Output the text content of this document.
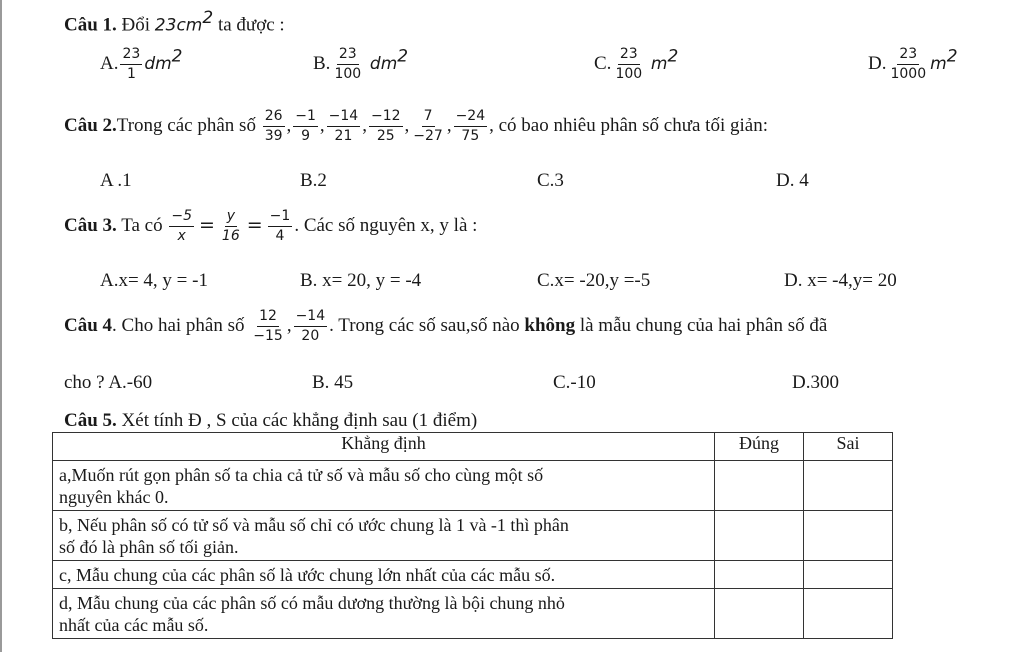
Câu 1. Đổi $23cm^2$ ta được :
A. $\frac{23}{1} dm^2$	B. $\frac{23}{100} dm^2$	C. $\frac{23}{100} m^2$	D. $\frac{23}{1000} m^2$
Câu 2.Trong các phân số $\frac{26}{39}$ , $\frac{-1}{9}$ , $\frac{-14}{21}$ , $\frac{-12}{25}$ , $\frac{7}{-27}$ , $\frac{-24}{75}$ , có bao nhiêu phân số chưa tối giản:
A .1	B.2	C.3	D. 4
Câu 3. Ta có $\frac{-5}{x} = \frac{y}{16} = \frac{-1}{4}$ . Các số nguyên x, y là :
A.x= 4, y = -1	B. x= 20, y = -4	C.x= -20,y =-5	D. x= -4,y= 20
Câu 4. Cho hai phân số $\frac{12}{-15}$ , $\frac{-14}{20}$ . Trong các số sau,số nào không là mẫu chung của hai phân số đã
cho ? A.-60	B. 45	C.-10	D.300
Câu 5. Xét tính Đ , S của các khẳng định sau (1 điểm)
Khẳng định	Đúng	Sai

a,Muốn rút gọn phân số ta chia cả tử số và mẫu số cho cùng một số
nguyên khác 0.		

b, Nếu phân số có tử số và mẫu số chỉ có ước chung là 1 và -1 thì phân
số đó là phân số tối giản.		

c, Mẫu chung của các phân số là ước chung lớn nhất của các mẫu số.		

d, Mẫu chung của các phân số có mẫu dương thường là bội chung nhỏ
nhất của các mẫu số.		
